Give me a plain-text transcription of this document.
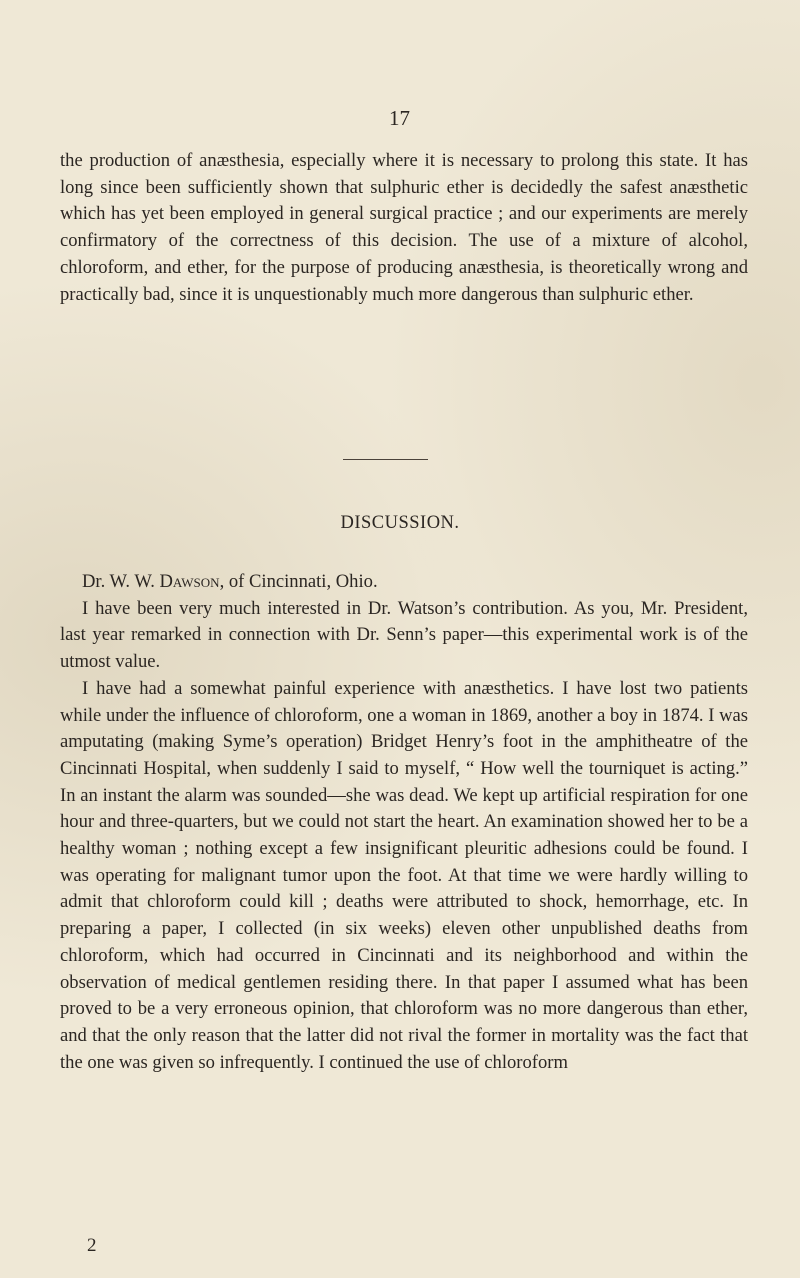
17

the production of anæsthesia, especially where it is necessary to prolong this state. It has long since been sufficiently shown that sulphuric ether is decidedly the safest anæsthetic which has yet been employed in general surgical practice ; and our experiments are merely confirmatory of the correctness of this decision. The use of a mixture of alcohol, chloroform, and ether, for the purpose of producing anæsthesia, is theoretically wrong and practically bad, since it is unquestionably much more dangerous than sulphuric ether.

DISCUSSION.

Dr. W. W. Dawson, of Cincinnati, Ohio.

I have been very much interested in Dr. Watson’s contribution. As you, Mr. President, last year remarked in connection with Dr. Senn’s paper—this experimental work is of the utmost value.

I have had a somewhat painful experience with anæsthetics. I have lost two patients while under the influence of chloroform, one a woman in 1869, another a boy in 1874. I was amputating (making Syme’s operation) Bridget Henry’s foot in the amphitheatre of the Cincinnati Hospital, when suddenly I said to myself, “ How well the tourniquet is acting.” In an instant the alarm was sounded—she was dead. We kept up artificial respiration for one hour and three-quarters, but we could not start the heart. An examination showed her to be a healthy woman ; nothing except a few insignificant pleuritic adhesions could be found. I was operating for malignant tumor upon the foot. At that time we were hardly willing to admit that chloroform could kill ; deaths were attributed to shock, hemorrhage, etc. In preparing a paper, I collected (in six weeks) eleven other unpublished deaths from chloroform, which had occurred in Cincinnati and its neighborhood and within the observation of medical gentlemen residing there. In that paper I assumed what has been proved to be a very erroneous opinion, that chloroform was no more dangerous than ether, and that the only reason that the latter did not rival the former in mortality was the fact that the one was given so infrequently. I continued the use of chloroform

2
